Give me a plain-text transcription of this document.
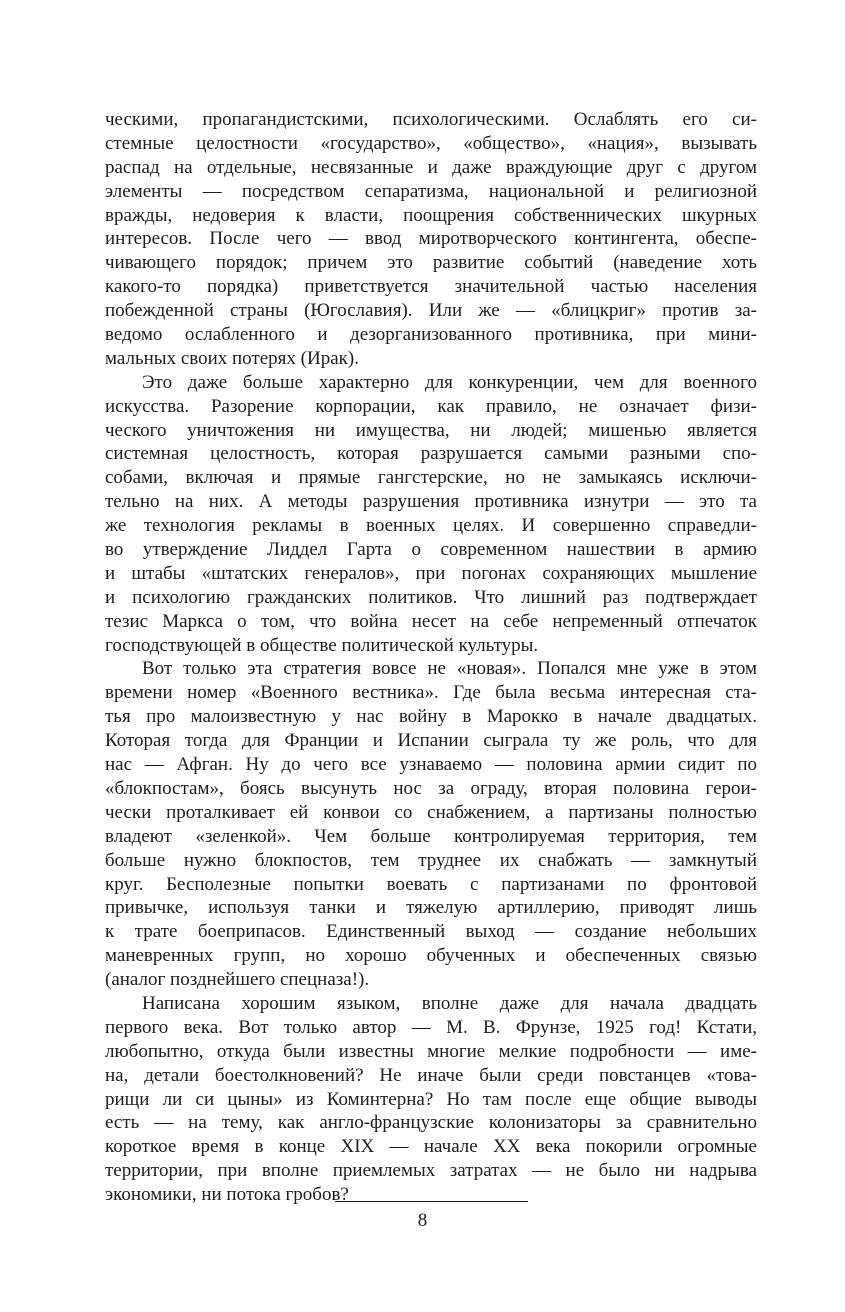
ческими, пропагандистскими, психологическими. Ослаблять его си-
стемные целостности «государство», «общество», «нация», вызывать
распад на отдельные, несвязанные и даже враждующие друг с другом
элементы — посредством сепаратизма, национальной и религиозной
вражды, недоверия к власти, поощрения собственнических шкурных
интересов. После чего — ввод миротворческого контингента, обеспе-
чивающего порядок; причем это развитие событий (наведение хоть
какого-то порядка) приветствуется значительной частью населения
побежденной страны (Югославия). Или же — «блицкриг» против за-
ведомо ослабленного и дезорганизованного противника, при мини-
мальных своих потерях (Ирак).
Это даже больше характерно для конкуренции, чем для военного
искусства. Разорение корпорации, как правило, не означает физи-
ческого уничтожения ни имущества, ни людей; мишенью является
системная целостность, которая разрушается самыми разными спо-
собами, включая и прямые гангстерские, но не замыкаясь исключи-
тельно на них. А методы разрушения противника изнутри — это та
же технология рекламы в военных целях. И совершенно справедли-
во утверждение Лиддел Гарта о современном нашествии в армию
и штабы «штатских генералов», при погонах сохраняющих мышление
и психологию гражданских политиков. Что лишний раз подтверждает
тезис Маркса о том, что война несет на себе непременный отпечаток
господствующей в обществе политической культуры.
Вот только эта стратегия вовсе не «новая». Попался мне уже в этом
времени номер «Военного вестника». Где была весьма интересная ста-
тья про малоизвестную у нас войну в Марокко в начале двадцатых.
Которая тогда для Франции и Испании сыграла ту же роль, что для
нас — Афган. Ну до чего все узнаваемо — половина армии сидит по
«блокпостам», боясь высунуть нос за ограду, вторая половина герои-
чески проталкивает ей конвои со снабжением, а партизаны полностью
владеют «зеленкой». Чем больше контролируемая территория, тем
больше нужно блокпостов, тем труднее их снабжать — замкнутый
круг. Бесполезные попытки воевать с партизанами по фронтовой
привычке, используя танки и тяжелую артиллерию, приводят лишь
к трате боеприпасов. Единственный выход — создание небольших
маневренных групп, но хорошо обученных и обеспеченных связью
(аналог позднейшего спецназа!).
Написана хорошим языком, вполне даже для начала двадцать
первого века. Вот только автор — М. В. Фрунзе, 1925 год! Кстати,
любопытно, откуда были известны многие мелкие подробности — име-
на, детали боестолкновений? Не иначе были среди повстанцев «това-
рищи ли си цыны» из Коминтерна? Но там после еще общие выводы
есть — на тему, как англо-французские колонизаторы за сравнительно
короткое время в конце XIX — начале XX века покорили огромные
территории, при вполне приемлемых затратах — не было ни надрыва
экономики, ни потока гробов?
8
